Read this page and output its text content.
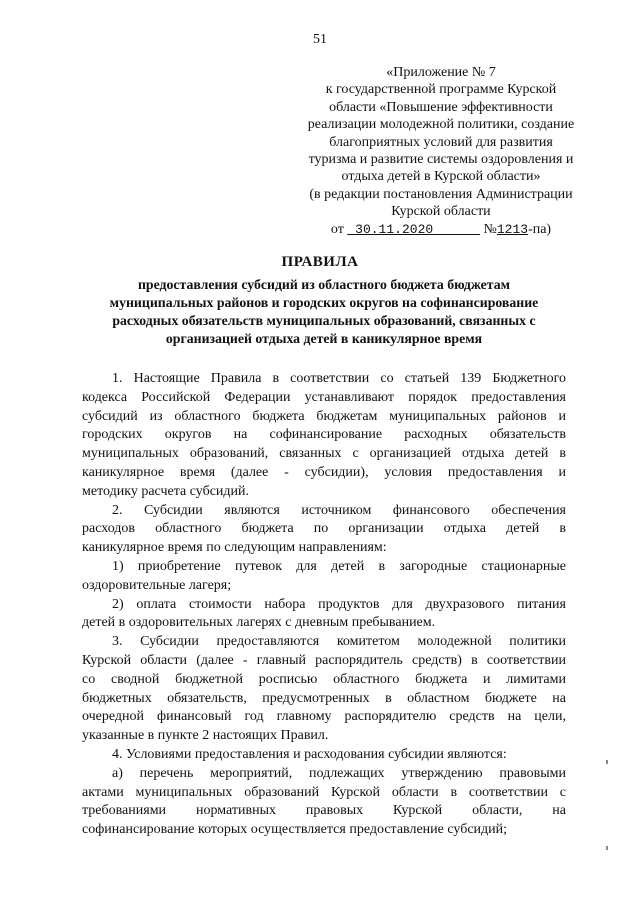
51
«Приложение № 7
к государственной программе Курской
области «Повышение эффективности
реализации молодежной политики, создание
благоприятных условий для развития
туризма и развитие системы оздоровления и
отдыха детей в Курской области»
(в редакции постановления Администрации
Курской области
от 30.11.2020	№1213-па)
ПРАВИЛА
предоставления субсидий из областного бюджета бюджетам
муниципальных районов и городских округов на софинансирование
расходных обязательств муниципальных образований, связанных с
организацией отдыха детей в каникулярное время
1. Настоящие Правила в соответствии со статьей 139 Бюджетного
кодекса Российской Федерации устанавливают порядок предоставления
субсидий из областного бюджета бюджетам муниципальных районов и
городских округов на софинансирование расходных обязательств
муниципальных образований, связанных с организацией отдыха детей в
каникулярное время (далее - субсидии), условия предоставления и
методику расчета субсидий.
2. Субсидии являются источником финансового обеспечения
расходов областного бюджета по организации отдыха детей в
каникулярное время по следующим направлениям:
1) приобретение путевок для детей в загородные стационарные
оздоровительные лагеря;
2) оплата стоимости набора продуктов для двухразового питания
детей в оздоровительных лагерях с дневным пребыванием.
3. Субсидии предоставляются комитетом молодежной политики
Курской области (далее - главный распорядитель средств) в соответствии
со сводной бюджетной росписью областного бюджета и лимитами
бюджетных обязательств, предусмотренных в областном бюджете на
очередной финансовый год главному распорядителю средств на цели,
указанные в пункте 2 настоящих Правил.
4. Условиями предоставления и расходования субсидии являются:
а) перечень мероприятий, подлежащих утверждению правовыми
актами муниципальных образований Курской области в соответствии с
требованиями нормативных правовых Курской области, на
софинансирование которых осуществляется предоставление субсидий;
